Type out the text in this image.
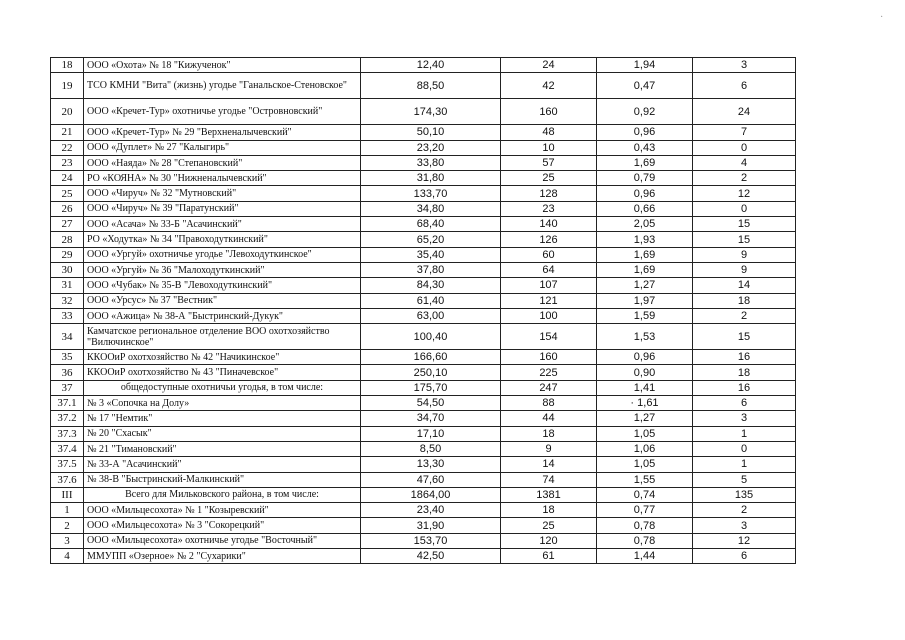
·
18	ООО «Охота» № 18 "Кижученок"	12,40	24	1,94	3
19	ТСО КМНИ "Вита" (жизнь) угодье "Ганальское-Стеновское"	88,50	42	0,47	6
20	ООО «Кречет-Тур» охотничье угодье "Островновский"	174,30	160	0,92	24
21	ООО «Кречет-Тур» № 29 "Верхненалычевский"	50,10	48	0,96	7
22	ООО «Дуплет» № 27 "Калыгирь"	23,20	10	0,43	0
23	ООО «Наяда» № 28 "Степановский"	33,80	57	1,69	4
24	РО «КОЯНА» № 30 "Нижненалычевский"	31,80	25	0,79	2
25	ООО «Чируч» № 32 "Мутновский"	133,70	128	0,96	12
26	ООО «Чируч» № 39 "Паратунский"	34,80	23	0,66	0
27	ООО «Асача» № 33-Б "Асачинский"	68,40	140	2,05	15
28	РО «Ходутка» № 34 "Правоходуткинский"	65,20	126	1,93	15
29	ООО «Ургуй» охотничье угодье "Левоходуткинское"	35,40	60	1,69	9
30	ООО «Ургуй» № 36 "Малоходуткинский"	37,80	64	1,69	9
31	ООО «Чубак» № 35-В "Левоходуткинский"	84,30	107	1,27	14
32	ООО «Урсус» № 37 "Вестник"	61,40	121	1,97	18
33	ООО «Ажица» № 38-А "Быстринский-Дукук"	63,00	100	1,59	2
34	Камчатское региональное отделение ВОО охотхозяйство "Вилючинское"	100,40	154	1,53	15
35	ККООиР охотхозяйство № 42 "Начикинское"	166,60	160	0,96	16
36	ККООиР охотхозяйство № 43 "Пиначевское"	250,10	225	0,90	18
37	общедоступные охотничьи угодья, в том числе:	175,70	247	1,41	16
37.1	№ 3 «Сопочка на Долу»	54,50	88	· 1,61	6
37.2	№ 17 "Немтик"	34,70	44	1,27	3
37.3	№ 20 "Схасык"	17,10	18	1,05	1
37.4	№ 21 "Тимановский"	8,50	9	1,06	0
37.5	№ 33-А "Асачинский"	13,30	14	1,05	1
37.6	№ 38-В "Быстринский-Малкинский"	47,60	74	1,55	5
III	Всего для Мильковского района, в том числе:	1864,00	1381	0,74	135
1	ООО «Мильцесохота» № 1 "Козыревский"	23,40	18	0,77	2
2	ООО «Мильцесохота» № 3 "Сокорецкий"	31,90	25	0,78	3
3	ООО «Мильцесохота» охотничье угодье "Восточный"	153,70	120	0,78	12
4	ММУПП «Озерное» № 2 "Сухарики"	42,50	61	1,44	6
